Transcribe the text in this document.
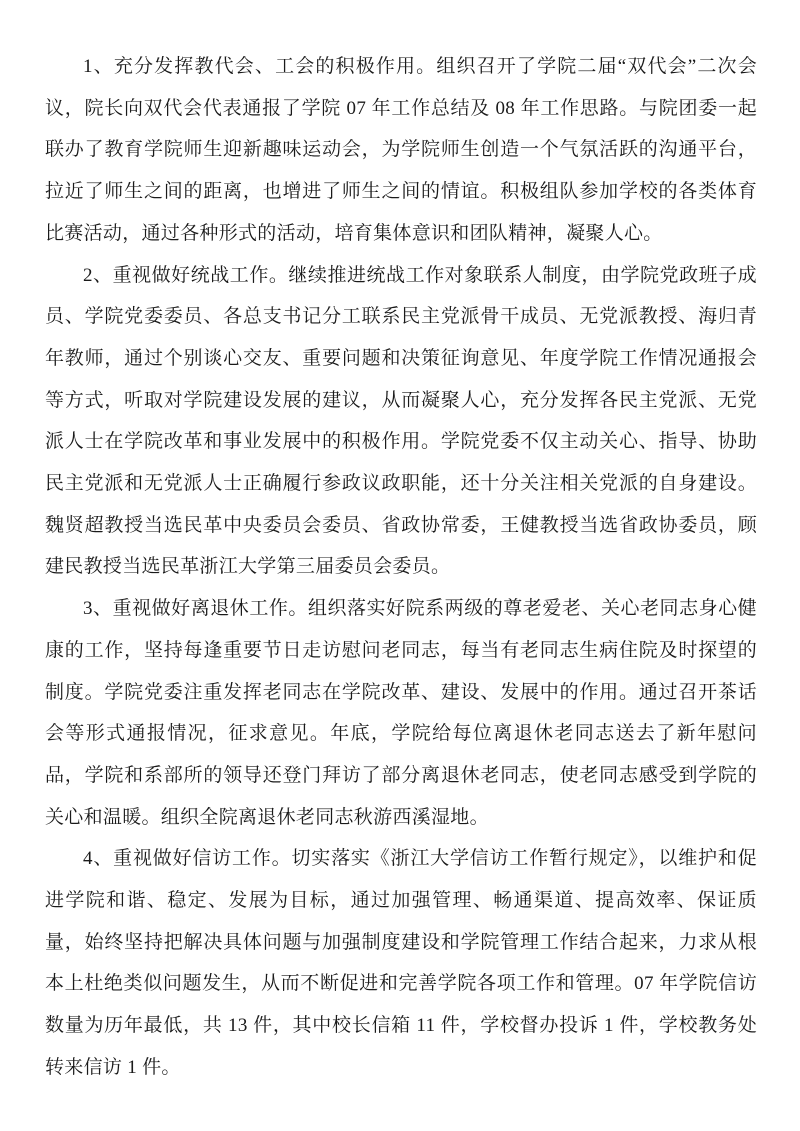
1、充分发挥教代会、工会的积极作用。组织召开了学院二届“双代会”二次会议，院长向双代会代表通报了学院 07 年工作总结及 08 年工作思路。与院团委一起联办了教育学院师生迎新趣味运动会，为学院师生创造一个气氛活跃的沟通平台，拉近了师生之间的距离，也增进了师生之间的情谊。积极组队参加学校的各类体育比赛活动，通过各种形式的活动，培育集体意识和团队精神，凝聚人心。

2、重视做好统战工作。继续推进统战工作对象联系人制度，由学院党政班子成员、学院党委委员、各总支书记分工联系民主党派骨干成员、无党派教授、海归青年教师，通过个别谈心交友、重要问题和决策征询意见、年度学院工作情况通报会等方式，听取对学院建设发展的建议，从而凝聚人心，充分发挥各民主党派、无党派人士在学院改革和事业发展中的积极作用。学院党委不仅主动关心、指导、协助民主党派和无党派人士正确履行参政议政职能，还十分关注相关党派的自身建设。魏贤超教授当选民革中央委员会委员、省政协常委，王健教授当选省政协委员，顾建民教授当选民革浙江大学第三届委员会委员。

3、重视做好离退休工作。组织落实好院系两级的尊老爱老、关心老同志身心健康的工作，坚持每逢重要节日走访慰问老同志，每当有老同志生病住院及时探望的制度。学院党委注重发挥老同志在学院改革、建设、发展中的作用。通过召开茶话会等形式通报情况，征求意见。年底，学院给每位离退休老同志送去了新年慰问品，学院和系部所的领导还登门拜访了部分离退休老同志，使老同志感受到学院的关心和温暖。组织全院离退休老同志秋游西溪湿地。

4、重视做好信访工作。切实落实《浙江大学信访工作暂行规定》，以维护和促进学院和谐、稳定、发展为目标，通过加强管理、畅通渠道、提高效率、保证质量，始终坚持把解决具体问题与加强制度建设和学院管理工作结合起来，力求从根本上杜绝类似问题发生，从而不断促进和完善学院各项工作和管理。07 年学院信访数量为历年最低，共 13 件，其中校长信箱 11 件，学校督办投诉 1 件，学校教务处转来信访 1 件。
